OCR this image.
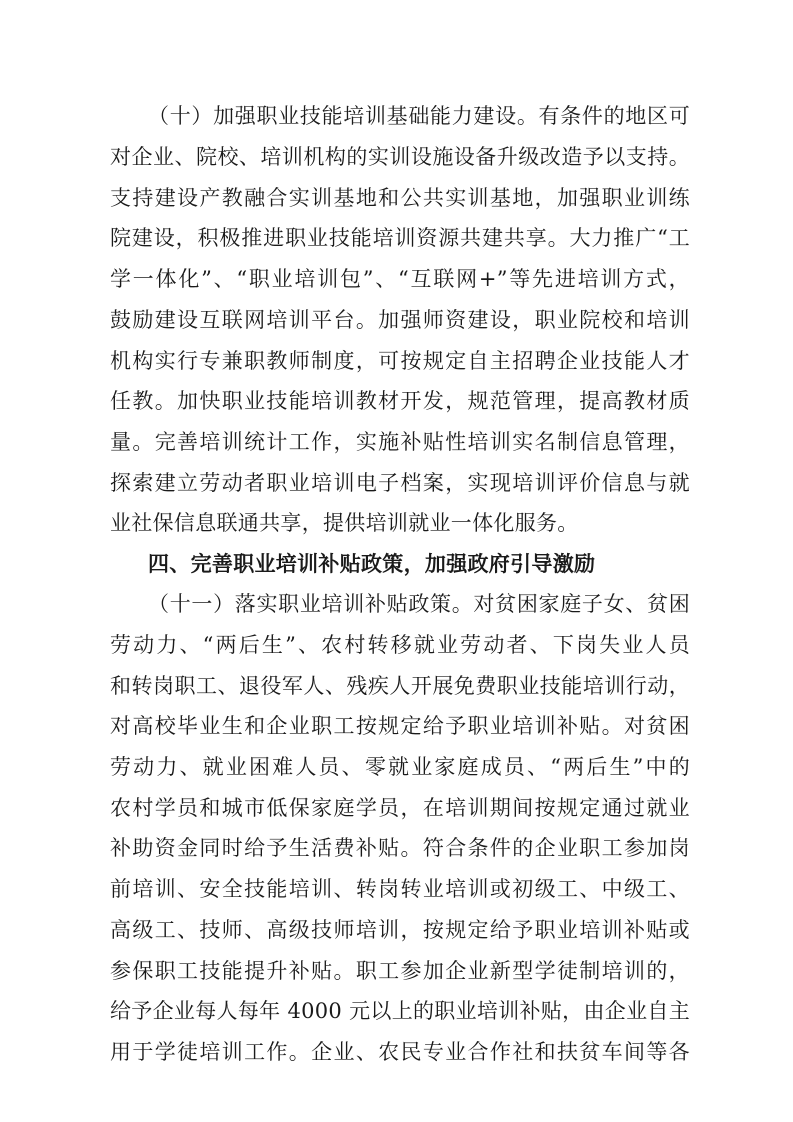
（十）加强职业技能培训基础能力建设。有条件的地区可
对企业、院校、培训机构的实训设施设备升级改造予以支持。
支持建设产教融合实训基地和公共实训基地，加强职业训练
院建设，积极推进职业技能培训资源共建共享。大力推广“工
学一体化”、“职业培训包”、“互联网+”等先进培训方式，
鼓励建设互联网培训平台。加强师资建设，职业院校和培训
机构实行专兼职教师制度，可按规定自主招聘企业技能人才
任教。加快职业技能培训教材开发，规范管理，提高教材质
量。完善培训统计工作，实施补贴性培训实名制信息管理，
探索建立劳动者职业培训电子档案，实现培训评价信息与就
业社保信息联通共享，提供培训就业一体化服务。
四、完善职业培训补贴政策，加强政府引导激励
（十一）落实职业培训补贴政策。对贫困家庭子女、贫困
劳动力、“两后生”、农村转移就业劳动者、下岗失业人员
和转岗职工、退役军人、残疾人开展免费职业技能培训行动，
对高校毕业生和企业职工按规定给予职业培训补贴。对贫困
劳动力、就业困难人员、零就业家庭成员、“两后生”中的
农村学员和城市低保家庭学员，在培训期间按规定通过就业
补助资金同时给予生活费补贴。符合条件的企业职工参加岗
前培训、安全技能培训、转岗转业培训或初级工、中级工、
高级工、技师、高级技师培训，按规定给予职业培训补贴或
参保职工技能提升补贴。职工参加企业新型学徒制培训的，
给予企业每人每年 4000 元以上的职业培训补贴，由企业自主
用于学徒培训工作。企业、农民专业合作社和扶贫车间等各
